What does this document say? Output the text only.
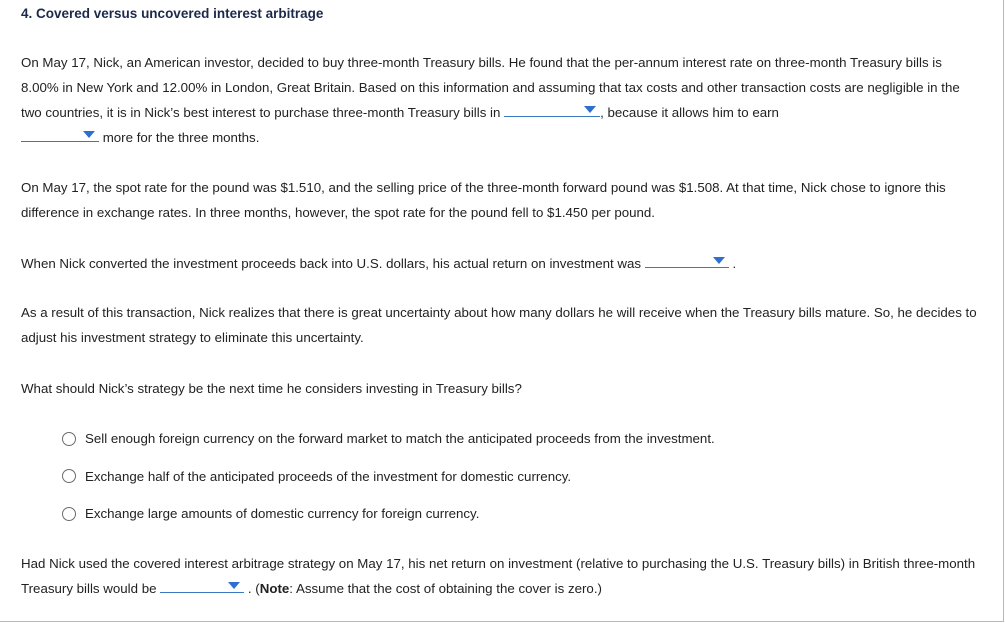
4. Covered versus uncovered interest arbitrage

On May 17, Nick, an American investor, decided to buy three-month Treasury bills. He found that the per-annum interest rate on three-month Treasury bills is 8.00% in New York and 12.00% in London, Great Britain. Based on this information and assuming that tax costs and other transaction costs are negligible in the two countries, it is in Nick’s best interest to purchase three-month Treasury bills in	, because it allows him to earn

more for the three months.

On May 17, the spot rate for the pound was $1.510, and the selling price of the three-month forward pound was $1.508. At that time, Nick chose to ignore this difference in exchange rates. In three months, however, the spot rate for the pound fell to $1.450 per pound.

When Nick converted the investment proceeds back into U.S. dollars, his actual return on investment was	.

As a result of this transaction, Nick realizes that there is great uncertainty about how many dollars he will receive when the Treasury bills mature. So, he decides to adjust his investment strategy to eliminate this uncertainty.

What should Nick’s strategy be the next time he considers investing in Treasury bills?

Sell enough foreign currency on the forward market to match the anticipated proceeds from the investment.
Exchange half of the anticipated proceeds of the investment for domestic currency.
Exchange large amounts of domestic currency for foreign currency.

Had Nick used the covered interest arbitrage strategy on May 17, his net return on investment (relative to purchasing the U.S. Treasury bills) in British three-month Treasury bills would be	. (Note: Assume that the cost of obtaining the cover is zero.)
